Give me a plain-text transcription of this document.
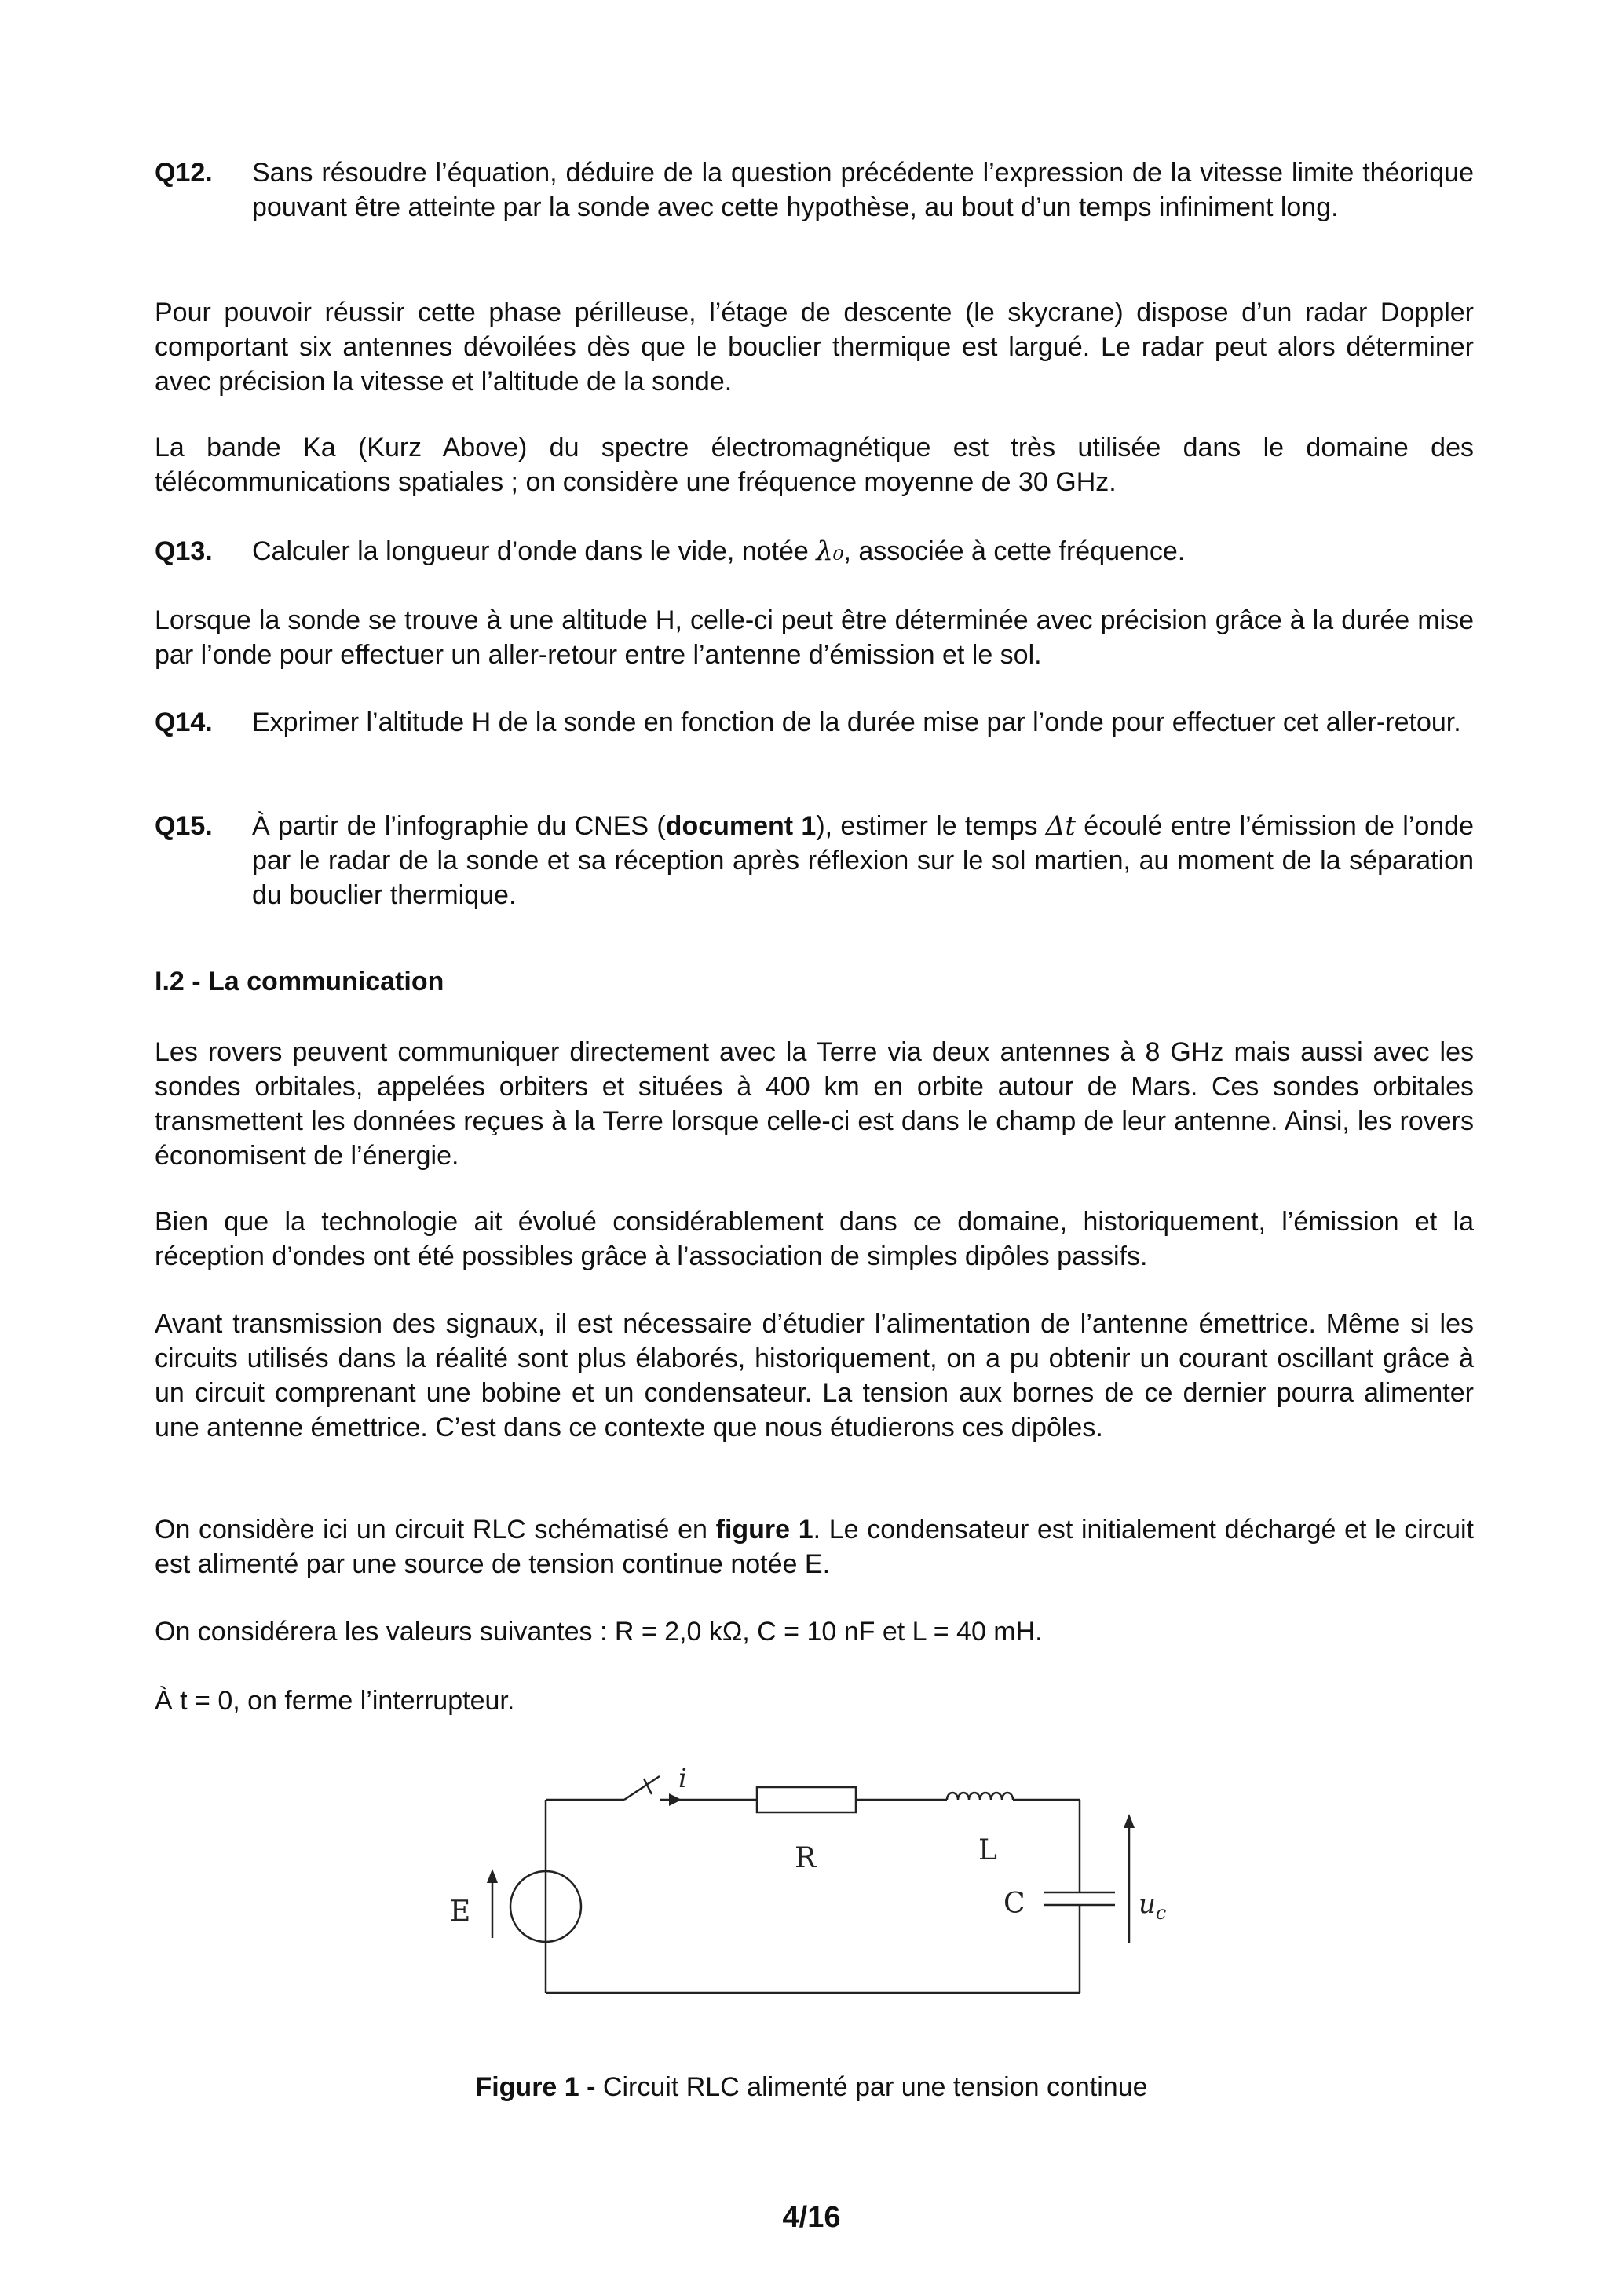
Q12. Sans résoudre l’équation, déduire de la question précédente l’expression de la vitesse limite théorique pouvant être atteinte par la sonde avec cette hypothèse, au bout d’un temps infiniment long.
Pour pouvoir réussir cette phase périlleuse, l’étage de descente (le skycrane) dispose d’un radar Doppler comportant six antennes dévoilées dès que le bouclier thermique est largué. Le radar peut alors déterminer avec précision la vitesse et l’altitude de la sonde.
La bande Ka (Kurz Above) du spectre électromagnétique est très utilisée dans le domaine des télécommunications spatiales ; on considère une fréquence moyenne de 30 GHz.
Q13. Calculer la longueur d’onde dans le vide, notée λ₀, associée à cette fréquence.
Lorsque la sonde se trouve à une altitude H, celle-ci peut être déterminée avec précision grâce à la durée mise par l’onde pour effectuer un aller-retour entre l’antenne d’émission et le sol.
Q14. Exprimer l’altitude H de la sonde en fonction de la durée mise par l’onde pour effectuer cet aller-retour.
Q15. À partir de l’infographie du CNES (document 1), estimer le temps Δt écoulé entre l’émission de l’onde par le radar de la sonde et sa réception après réflexion sur le sol martien, au moment de la séparation du bouclier thermique.
I.2 - La communication
Les rovers peuvent communiquer directement avec la Terre via deux antennes à 8 GHz mais aussi avec les sondes orbitales, appelées orbiters et situées à 400 km en orbite autour de Mars. Ces sondes orbitales transmettent les données reçues à la Terre lorsque celle-ci est dans le champ de leur antenne. Ainsi, les rovers économisent de l’énergie.
Bien que la technologie ait évolué considérablement dans ce domaine, historiquement, l’émission et la réception d’ondes ont été possibles grâce à l’association de simples dipôles passifs.
Avant transmission des signaux, il est nécessaire d’étudier l’alimentation de l’antenne émettrice. Même si les circuits utilisés dans la réalité sont plus élaborés, historiquement, on a pu obtenir un courant oscillant grâce à un circuit comprenant une bobine et un condensateur. La tension aux bornes de ce dernier pourra alimenter une antenne émettrice. C’est dans ce contexte que nous étudierons ces dipôles.
On considère ici un circuit RLC schématisé en figure 1. Le condensateur est initialement déchargé et le circuit est alimenté par une source de tension continue notée E.
On considérera les valeurs suivantes : R = 2,0 kΩ, C = 10 nF et L = 40 mH.
À t = 0, on ferme l’interrupteur.
i
R	L
C
E	$u_c$
Figure 1 - Circuit RLC alimenté par une tension continue
4/16
